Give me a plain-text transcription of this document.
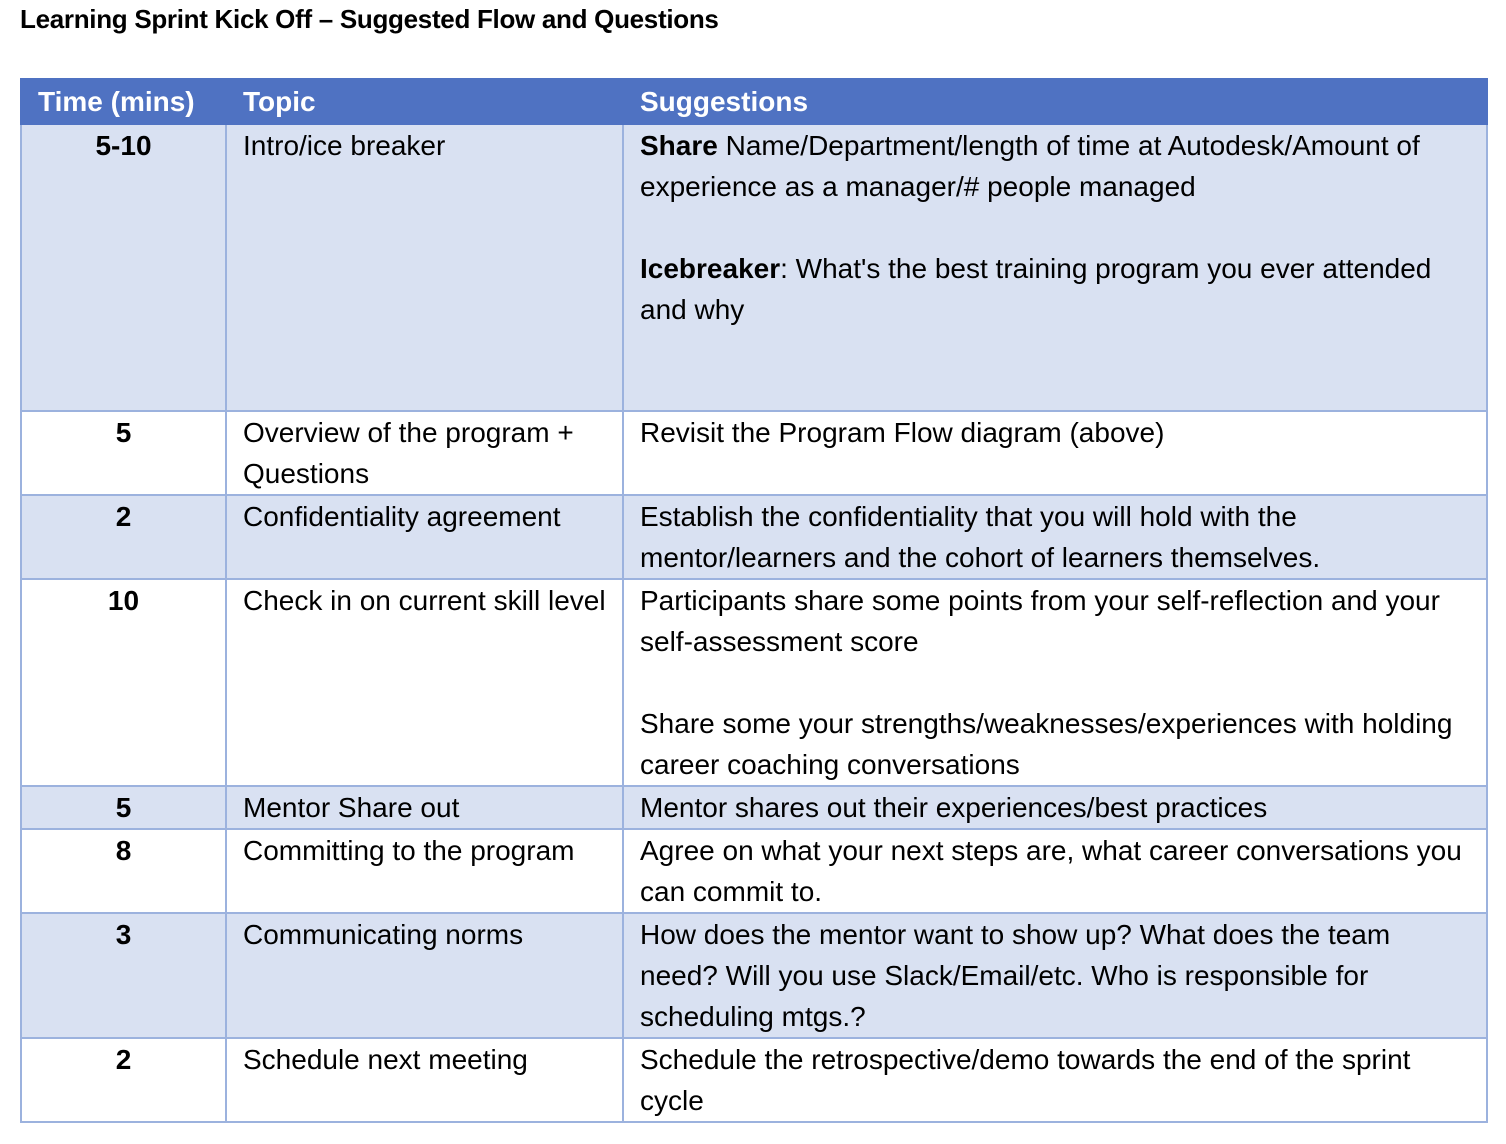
Learning Sprint Kick Off – Suggested Flow and Questions
Time (mins)	Topic	Suggestions
5-10	Intro/ice breaker	Share Name/Department/length of time at Autodesk/Amount of experience as a manager/# people managed
Icebreaker: What's the best training program you ever attended and why

5	Overview of the program + Questions	Revisit the Program Flow diagram (above)
2	Confidentiality agreement	Establish the confidentiality that you will hold with the mentor/learners and the cohort of learners themselves.
10	Check in on current skill level	Participants share some points from your self-reflection and your self-assessment score
Share some your strengths/weaknesses/experiences with holding career coaching conversations

5	Mentor Share out	Mentor shares out their experiences/best practices
8	Committing to the program	Agree on what your next steps are, what career conversations you can commit to.
3	Communicating norms	How does the mentor want to show up? What does the team need? Will you use Slack/Email/etc. Who is responsible for scheduling mtgs.?
2	Schedule next meeting	Schedule the retrospective/demo towards the end of the sprint cycle
